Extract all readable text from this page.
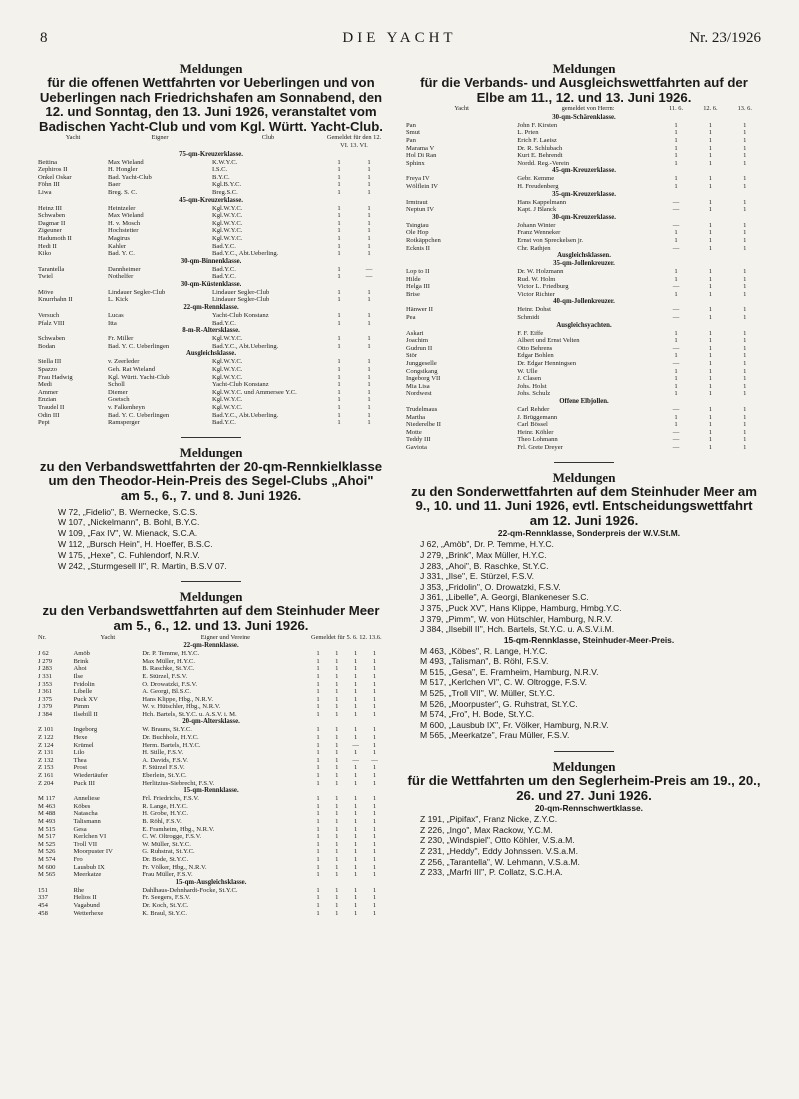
8	DIE YACHT	Nr. 23/1926
Meldungen
für die offenen Wettfahrten vor Ueberlingen und von Ueberlingen nach Friedrichshafen am Sonnabend, den 12. und Sonntag, den 13. Juni 1926, veranstaltet vom Badischen Yacht-Club und vom Kgl. Württ. Yacht-Club.
Yacht	Eigner	Club	Gemeldet für den 12. VI. 13. VI.	
75-qm-Kreuzerklasse.				
Bettina	Max Wieland	K.W.Y.C.	1	1
Zephiros II	H. Hongler	I.S.C.	1	1
Onkel Oskar	Bad. Yacht-Club	B.Y.C.	1	1
Föhn III	Baer	Kgl.B.Y.C.	1	1
Liwa	Breg. S. C.	Breg.S.C.	1	1
45-qm-Kreuzerklasse.				
Heinz III	Heintzeler	Kgl.W.Y.C.	1	1
Schwaben	Max Wieland	Kgl.W.Y.C.	1	1
Dagmar II	H. v. Mosch	Kgl.W.Y.C.	1	1
Zigeuner	Hochstetter	Kgl.W.Y.C.	1	1
Hadumoth II	Magirus	Kgl.W.Y.C.	1	1
Hedi II	Kahler	Bad.Y.C.	1	1
Kiko	Bad. Y. C.	Bad.Y.C., Abt.Ueberling.	1	1
30-qm-Binnenklasse.				
Tarantella	Dannheimer	Bad.Y.C.	1	—
Twiel	Nothelfer	Bad.Y.C.	1	—
30-qm-Küstenklasse.				
Möve	Lindauer Segler-Club	Lindauer Segler-Club	1	1
Knurrhahn II	L. Kick	Lindauer Segler-Club	1	1
22-qm-Rennklasse.				
Versuch	Lucas	Yacht-Club Konstanz	1	1
Pfalz VIII	Itta	Bad.Y.C.	1	1
8-m-R-Altersklasse.				
Schwaben	Fr. Miller	Kgl.W.Y.C.	1	1
Bodan	Bad. Y. C. Ueberlingen	Bad.Y.C., Abt.Ueberling.	1	1
Ausgleichsklasse.				
Stella III	v. Zeerleder	Kgl.W.Y.C.	1	1
Spazzo	Geh. Rat Wieland	Kgl.W.Y.C.	1	1
Frau Hadwig	Kgl. Württ. Yacht-Club	Kgl.W.Y.C.	1	1
Medi	Scholl	Yacht-Club Konstanz	1	1
Ammer	Diemer	Kgl.W.Y.C. und Ammersee Y.C.	1	1
Enzian	Goetsch	Kgl.W.Y.C.	1	1
Traudel II	v. Falkenheyn	Kgl.W.Y.C.	1	1
Odin III	Bad. Y. C. Ueberlingen	Bad.Y.C., Abt.Ueberling.	1	1
Pepi	Ramsperger	Bad.Y.C.	1	1
Meldungen
zu den Verbandswettfahrten der 20-qm-Rennkielklasse um den Theodor-Hein-Preis des Segel-Clubs „Ahoi" am 5., 6., 7. und 8. Juni 1926.
W 72, „Fidelio", B. Wernecke, S.C.S.
W 107, „Nickelmann", B. Bohl, B.Y.C.
W 109, „Fax IV", W. Mienack, S.C.A.
W 112, „Bursch Hein", H. Hoeffer, B.S.C.
W 175, „Hexe", C. Fuhlendorf, N.R.V.
W 242, „Sturmgesell II", R. Martin, B.S.V 07.
Meldungen
zu den Verbandswettfahrten auf dem Steinhuder Meer am 5., 6., 12. und 13. Juni 1926.
Nr.	Yacht	Eigner und Vereine	Gemeldet für 5. 6. 12. 13.6.			
22-qm-Rennklasse.						
J 62	Amöb	Dr. P. Temme, H.Y.C.	1	1	1	1
J 279	Brink	Max Müller, H.Y.C.	1	1	1	1
J 283	Ahoi	B. Raschke, St.Y.C.	1	1	1	1
J 331	Ilse	E. Stürzel, F.S.V.	1	1	1	1
J 353	Fridolin	O. Drowatzki, F.S.V.	1	1	1	1
J 361	Libelle	A. Georgi, Bl.S.C.	1	1	1	1
J 375	Puck XV	Hans Klippe, Hbg., N.R.V.	1	1	1	1
J 379	Pimm	W. v. Hütschler, Hbg., N.R.V.	1	1	1	1
J 384	Ilsebill II	Hch. Bartels, St.Y.C. u. A.S.V. i. M.	1	1	1	1
20-qm-Altersklasse.						
Z 101	Ingeborg	W. Brauns, St.Y.C.	1	1	1	1
Z 122	Hexe	Dr. Buchholz, H.Y.C.	1	1	1	1
Z 124	Krümel	Herm. Bartels, H.Y.C.	1	1	—	1
Z 131	Lilo	H. Stille, F.S.V.	1	1	1	1
Z 132	Thea	A. Davids, F.S.V.	1	1	—	—
Z 153	Prost	F. Stürzel F.S.V.	1	1	1	1
Z 161	Wiedertäufer	Eberlein, St.Y.C.	1	1	1	1
Z 204	Puck III	Herlitzius-Siebrecht, F.S.V.	1	1	1	1
15-qm-Rennklasse.						
M 117	Anneliese	Frl. Friedrichs, F.S.V.	1	1	1	1
M 463	Köbes	R. Lange, H.Y.C.	1	1	1	1
M 488	Natascha	H. Grobe, H.Y.C.	1	1	1	1
M 493	Talismann	B. Röhl, F.S.V.	1	1	1	1
M 515	Gesa	E. Framheim, Hbg., N.R.V.	1	1	1	1
M 517	Kerlchen VI	C. W. Oltrogge, F.S.V.	1	1	1	1
M 525	Troll VII	W. Müller, St.Y.C.	1	1	1	1
M 526	Moorpuster IV	G. Ruhstrat, St.Y.C.	1	1	1	1
M 574	Fro	Dr. Bode, St.Y.C.	1	1	1	1
M 600	Lausbub IX	Fr. Völker, Hbg., N.R.V.	1	1	1	1
M 565	Meerkatze	Frau Müller, F.S.V.	1	1	1	1
15-qm-Ausgleichsklasse.						
151	Rhe	Dahlhaus-Dehnhardt-Focke, St.Y.C.	1	1	1	1
337	Helios II	Fr. Seegers, F.S.V.	1	1	1	1
454	Vagabund	Dr. Koch, St.Y.C.	1	1	1	1
458	Wetterhexe	K. Braul, St.Y.C.	1	1	1	1
Meldungen
für die Verbands- und Ausgleichswettfahrten auf der Elbe am 11., 12. und 13. Juni 1926.
Yacht	gemeldet von Herrn:	11. 6.	12. 6.	13. 6.
30-qm-Schärenklasse.				
Pan	John F. Kirsten	1	1	1
Smut	L. Prien	1	1	1
Pan	Erich F. Laeisz	1	1	1
Marama V	Dr. R. Schlubach	1	1	1
Hol Di Ran	Kurt E. Behrendt	1	1	1
Sphinx	Nordd. Reg.-Verein	1	1	1
45-qm-Kreuzerklasse.				
Freya IV	Gebr. Kemme	1	1	1
Wölflein IV	H. Freudenberg	1	1	1
35-qm-Kreuzerklasse.				
Irmtraut	Hans Kappelmann	—	1	1
Neptun IV	Kapt. J Blanck	—	1	1
30-qm-Kreuzerklasse.				
Tsingtau	Johann Winter	—	1	1
Ole Hop	Franz Wenneker	1	1	1
Rotkäppchen	Ernst von Spreckelsen jr.	1	1	1
Ecknis II	Chr. Rathjen	—	1	1
Ausgleichsklassen.				
35-qm-Jollenkreuzer.				
Lop to II	Dr. W. Holzmann	1	1	1
Hilde	Rud. W. Holm	1	1	1
Helga III	Victor L. Friedburg	—	1	1
Brise	Victor Richter	1	1	1
40-qm-Jollenkreuzer.				
Hänwer II	Heinr. Dohst	—	1	1
Pea	Schmidt	—	1	1
Ausgleichsyachten.				
Askari	F. F. Eiffe	1	1	1
Joachim	Albert und Ernst Velten	1	1	1
Gudrun II	Otto Behrens	—	1	1
Stör	Edgar Bohlen	1	1	1
Junggeselle	Dr. Edgar Henningsen	—	1	1
Congsikang	W. Ulle	1	1	1
Ingeborg VII	J. Clasen	1	1	1
Mia Lisa	Johs. Holst	1	1	1
Nordwest	Johs. Schulz	1	1	1
Offene Elbjollen.				
Trudelmaus	Carl Rehder	—	1	1
Martha	J. Brüggemann	1	1	1
Niederelbe II	Carl Bössel	1	1	1
Motte	Heinr. Köhler	—	1	1
Teddy III	Theo Lohmann	—	1	1
Gaviota	Frl. Grete Dreyer	—	1	1
Meldungen
zu den Sonderwettfahrten auf dem Steinhuder Meer am 9., 10. und 11. Juni 1926, evtl. Entscheidungswettfahrt am 12. Juni 1926.
22-qm-Rennklasse, Sonderpreis der W.V.St.M.
J 62, „Amöb", Dr. P. Temme, H.Y.C.
J 279, „Brink", Max Müller, H.Y.C.
J 283, „Ahoi", B. Raschke, St.Y.C.
J 331, „Ilse", E. Stürzel, F.S.V.
J 353, „Fridolin", O. Drowatzki, F.S.V.
J 361, „Libelle", A. Georgi, Blankeneser S.C.
J 375, „Puck XV", Hans Klippe, Hamburg, Hmbg.Y.C.
J 379, „Pimm", W. von Hütschler, Hamburg, N.R.V.
J 384, „Ilsebill II", Hch. Bartels, St.Y.C. u. A.S.V.i.M.
15-qm-Rennklasse, Steinhuder-Meer-Preis.
M 463, „Köbes", R. Lange, H.Y.C.
M 493, „Talisman", B. Röhl, F.S.V.
M 515, „Gesa", E. Framheim, Hamburg, N.R.V.
M 517, „Kerlchen VI", C. W. Oltrogge, F.S.V.
M 525, „Troll VII", W. Müller, St.Y.C.
M 526, „Moorpuster", G. Ruhstrat, St.Y.C.
M 574, „Fro", H. Bode, St.Y.C.
M 600, „Lausbub IX", Fr. Völker, Hamburg, N.R.V.
M 565, „Meerkatze", Frau Müller, F.S.V.
Meldungen
für die Wettfahrten um den Seglerheim-Preis am 19., 20., 26. und 27. Juni 1926.
20-qm-Rennschwertklasse.
Z 191, „Pipifax", Franz Nicke, Z.Y.C.
Z 226, „Ingo", Max Rackow, Y.C.M.
Z 230, „Windspiel", Otto Köhler, V.S.a.M.
Z 231, „Heddy", Eddy Johnssen. V.S.a.M.
Z 256, „Tarantella", W. Lehmann, V.S.a.M.
Z 233, „Marfri III", P. Collatz, S.C.H.A.
